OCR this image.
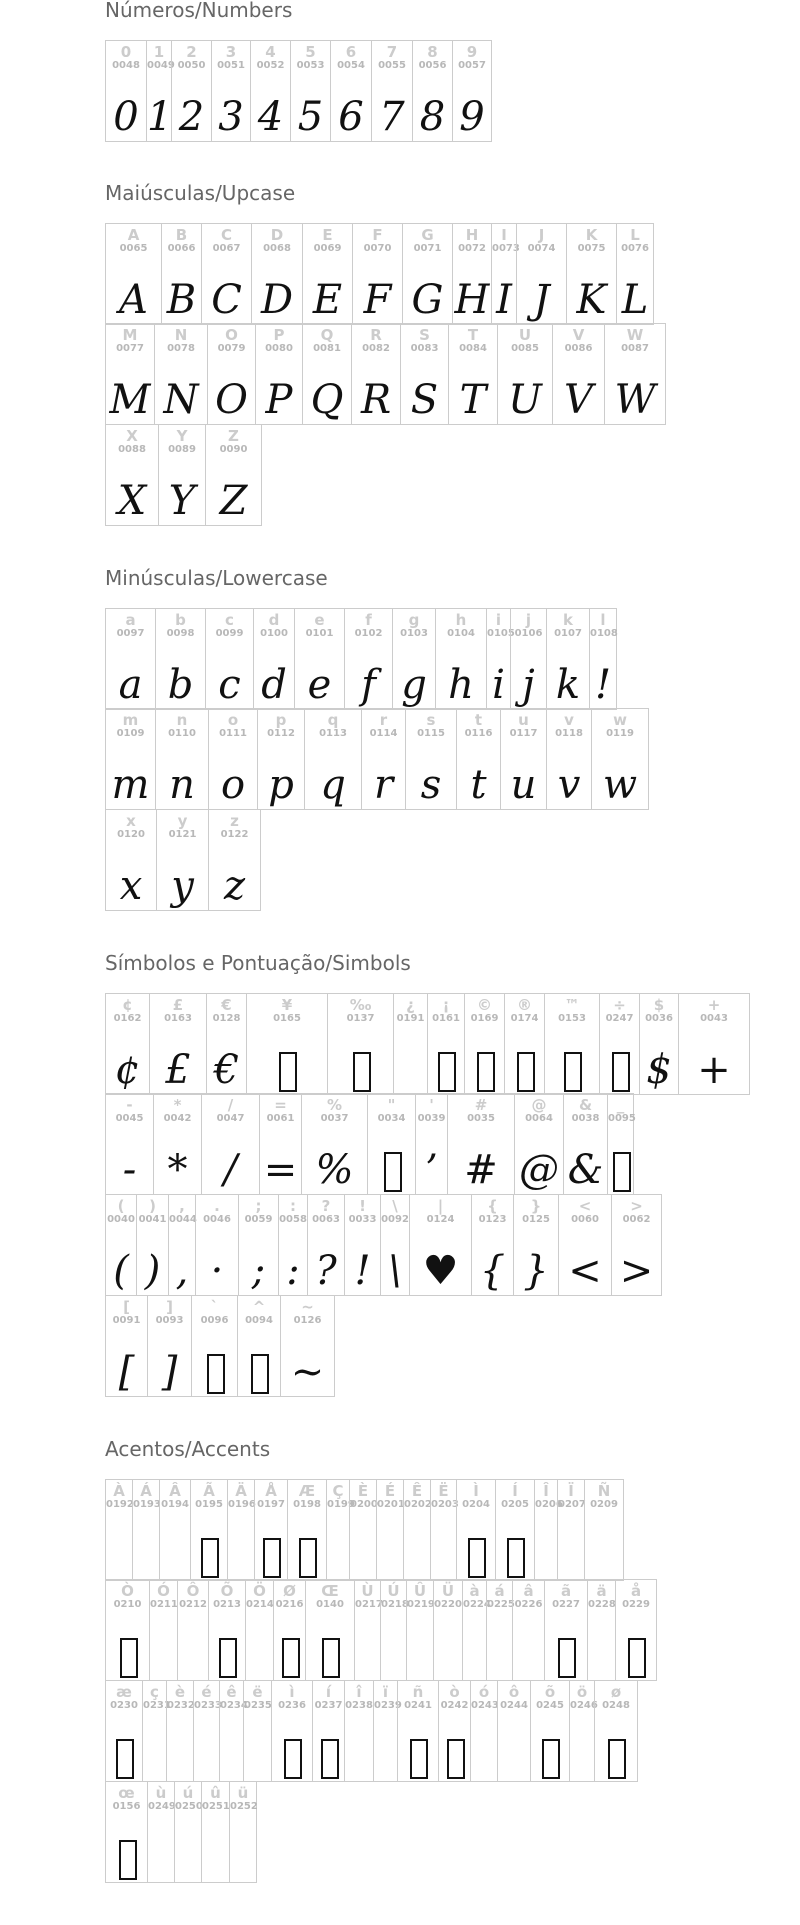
Números/Numbers
0
0048
0
1
0049
1
2
0050
2
3
0051
3
4
0052
4
5
0053
5
6
0054
6
7
0055
7
8
0056
8
9
0057
9
Maiúsculas/Upcase
A
0065
A
B
0066
B
C
0067
C
D
0068
D
E
0069
E
F
0070
F
G
0071
G
H
0072
H
I
0073
I
J
0074
J
K
0075
K
L
0076
L
M
0077
M
N
0078
N
O
0079
O
P
0080
P
Q
0081
Q
R
0082
R
S
0083
S
T
0084
T
U
0085
U
V
0086
V
W
0087
W
X
0088
X
Y
0089
Y
Z
0090
Z
Minúsculas/Lowercase
a
0097
a
b
0098
b
c
0099
c
d
0100
d
e
0101
e
f
0102
f
g
0103
g
h
0104
h
i
0105
i
j
0106
j
k
0107
k
l
0108
!
m
0109
m
n
0110
n
o
0111
o
p
0112
p
q
0113
q
r
0114
r
s
0115
s
t
0116
t
u
0117
u
v
0118
v
w
0119
w
x
0120
x
y
0121
y
z
0122
z
Símbolos e Pontuação/Simbols
¢
0162
¢
£
0163
£
€
0128
€
¥
0165
‰
0137
¿
0191
¡
0161
©
0169
®
0174
™
0153
÷
0247
$
0036
$
+
0043
+
-
0045
-
*
0042
*
/
0047
/
=
0061
=
%
0037
%
"
0034
'
0039
’
#
0035
#
@
0064
@
&
0038
&
_
0095
(
0040
(
)
0041
)
,
0044
,
.
0046
·
;
0059
;
:
0058
:
?
0063
?
!
0033
!
\
0092
\
|
0124
♥
{
0123
{
}
0125
}
<
0060
<
>
0062
>
[
0091
[
]
0093
]
`
0096
^
0094
~
0126
~
Acentos/Accents
À
0192
Á
0193
Â
0194
Ã
0195
Ä
0196
Å
0197
Æ
0198
Ç
0199
È
0200
É
0201
Ê
0202
Ë
0203
Ì
0204
Í
0205
Î
0206
Ï
0207
Ñ
0209
Ò
0210
Ó
0211
Ô
0212
Õ
0213
Ö
0214
Ø
0216
Œ
0140
Ù
0217
Ú
0218
Û
0219
Ü
0220
à
0224
á
0225
â
0226
ã
0227
ä
0228
å
0229
æ
0230
ç
0231
è
0232
é
0233
ê
0234
ë
0235
ì
0236
í
0237
î
0238
ï
0239
ñ
0241
ò
0242
ó
0243
ô
0244
õ
0245
ö
0246
ø
0248
œ
0156
ù
0249
ú
0250
û
0251
ü
0252
